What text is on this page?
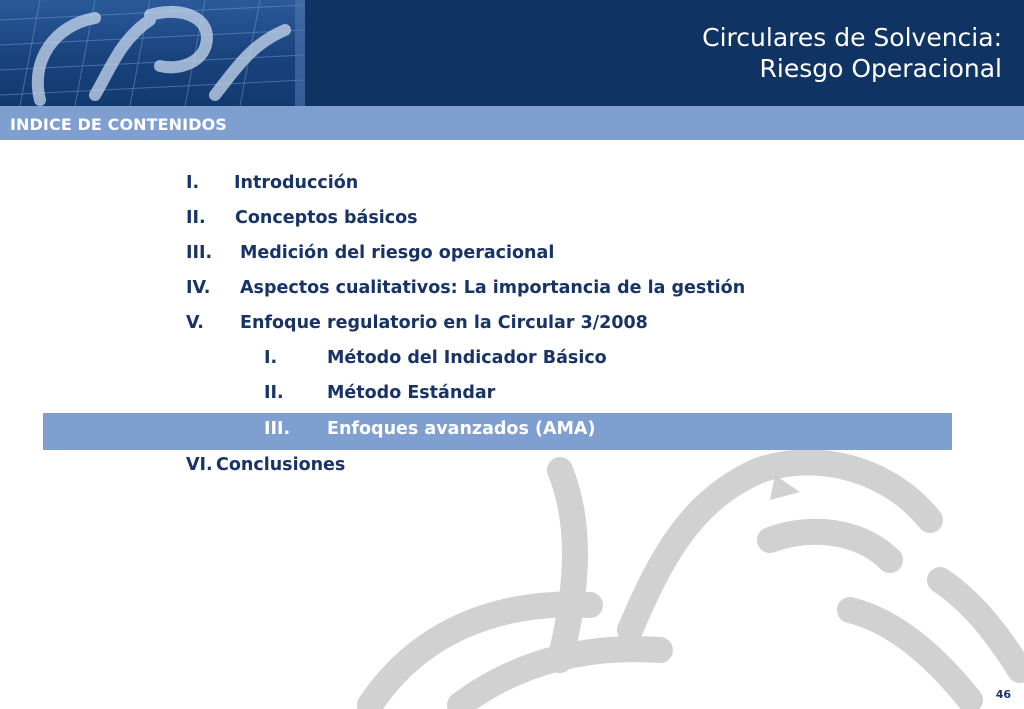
Circulares de Solvencia:
Riesgo Operacional
INDICE DE CONTENIDOS
I. Introducción
II. Conceptos básicos
III. Medición del riesgo operacional
IV. Aspectos cualitativos: La importancia de la gestión
V. Enfoque regulatorio en la Circular 3/2008
I.	Método del Indicador Básico
II. Método Estándar
III. Enfoques avanzados (AMA)
VI. Conclusiones
46
